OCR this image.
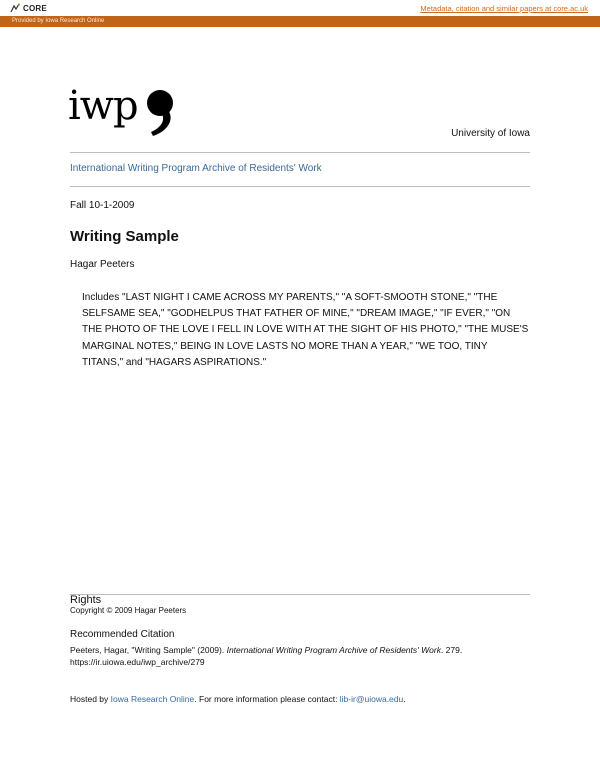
CORE	Metadata, citation and similar papers at core.ac.uk
Provided by Iowa Research Online
iwp
University of Iowa
International Writing Program Archive of Residents' Work
Fall 10-1-2009
Writing Sample
Hagar Peeters

Includes "LAST NIGHT I CAME ACROSS MY PARENTS," "A SOFT-SMOOTH STONE," "THE SELFSAME SEA," "GODHELPUS THAT FATHER OF MINE," "DREAM IMAGE," "IF EVER," "ON THE PHOTO OF THE LOVE I FELL IN LOVE WITH AT THE SIGHT OF HIS PHOTO," "THE MUSE'S MARGINAL NOTES," BEING IN LOVE LASTS NO MORE THAN A YEAR," "WE TOO, TINY TITANS," and "HAGARS ASPIRATIONS."

Rights
Copyright © 2009 Hagar Peeters
Recommended Citation
Peeters, Hagar, "Writing Sample" (2009). International Writing Program Archive of Residents' Work. 279.
https://ir.uiowa.edu/iwp_archive/279
Hosted by Iowa Research Online. For more information please contact: lib-ir@uiowa.edu.
